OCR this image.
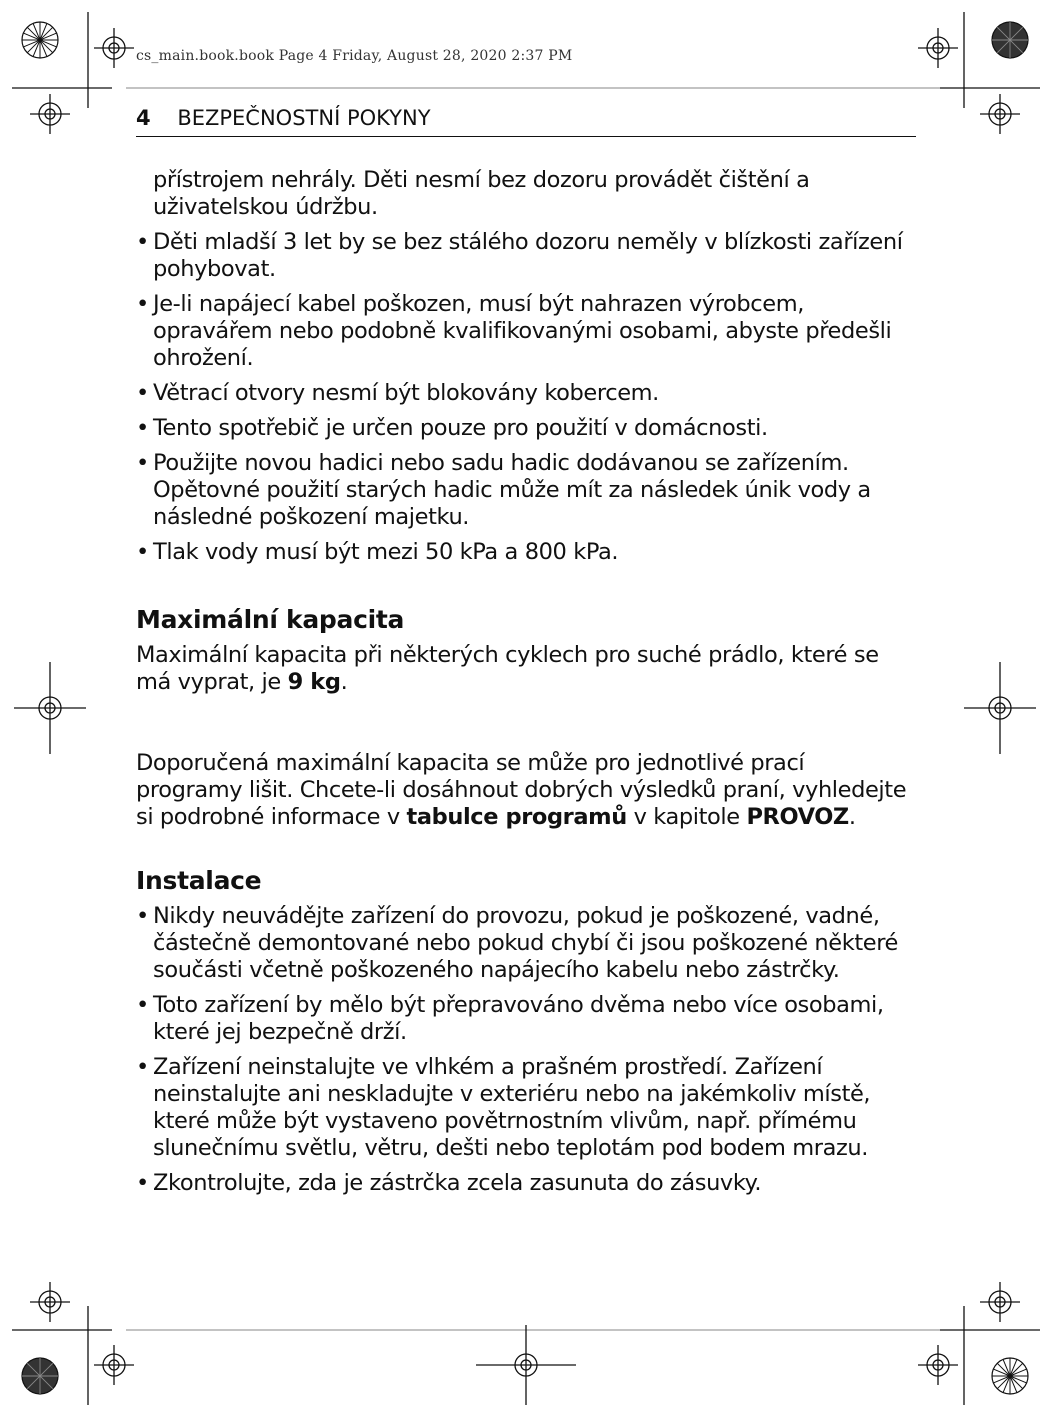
cs_main.book.book Page 4 Friday, August 28, 2020 2:37 PM
4 BEZPEČNOSTNÍ POKYNY
přístrojem nehrály. Děti nesmí bez dozoru provádět čištění a uživatelskou údržbu.
• Děti mladší 3 let by se bez stálého dozoru neměly v blízkosti zařízení pohybovat.
• Je-li napájecí kabel poškozen, musí být nahrazen výrobcem, opravářem nebo podobně kvalifikovanými osobami, abyste předešli ohrožení.
• Větrací otvory nesmí být blokovány kobercem.
• Tento spotřebič je určen pouze pro použití v domácnosti.
• Použijte novou hadici nebo sadu hadic dodávanou se zařízením. Opětovné použití starých hadic může mít za následek únik vody a následné poškození majetku.
• Tlak vody musí být mezi 50 kPa a 800 kPa.
Maximální kapacita

Maximální kapacita při některých cyklech pro suché prádlo, které se má vyprat, je 9 kg.

Doporučená maximální kapacita se může pro jednotlivé prací programy lišit. Chcete-li dosáhnout dobrých výsledků praní, vyhledejte si podrobné informace v tabulce programů v kapitole PROVOZ.

Instalace
• Nikdy neuvádějte zařízení do provozu, pokud je poškozené, vadné, částečně demontované nebo pokud chybí či jsou poškozené některé součásti včetně poškozeného napájecího kabelu nebo zástrčky.
• Toto zařízení by mělo být přepravováno dvěma nebo více osobami, které jej bezpečně drží.
• Zařízení neinstalujte ve vlhkém a prašném prostředí. Zařízení neinstalujte ani neskladujte v exteriéru nebo na jakémkoliv místě, které může být vystaveno povětrnostním vlivům, např. přímému slunečnímu světlu, větru, dešti nebo teplotám pod bodem mrazu.
• Zkontrolujte, zda je zástrčka zcela zasunuta do zásuvky.
